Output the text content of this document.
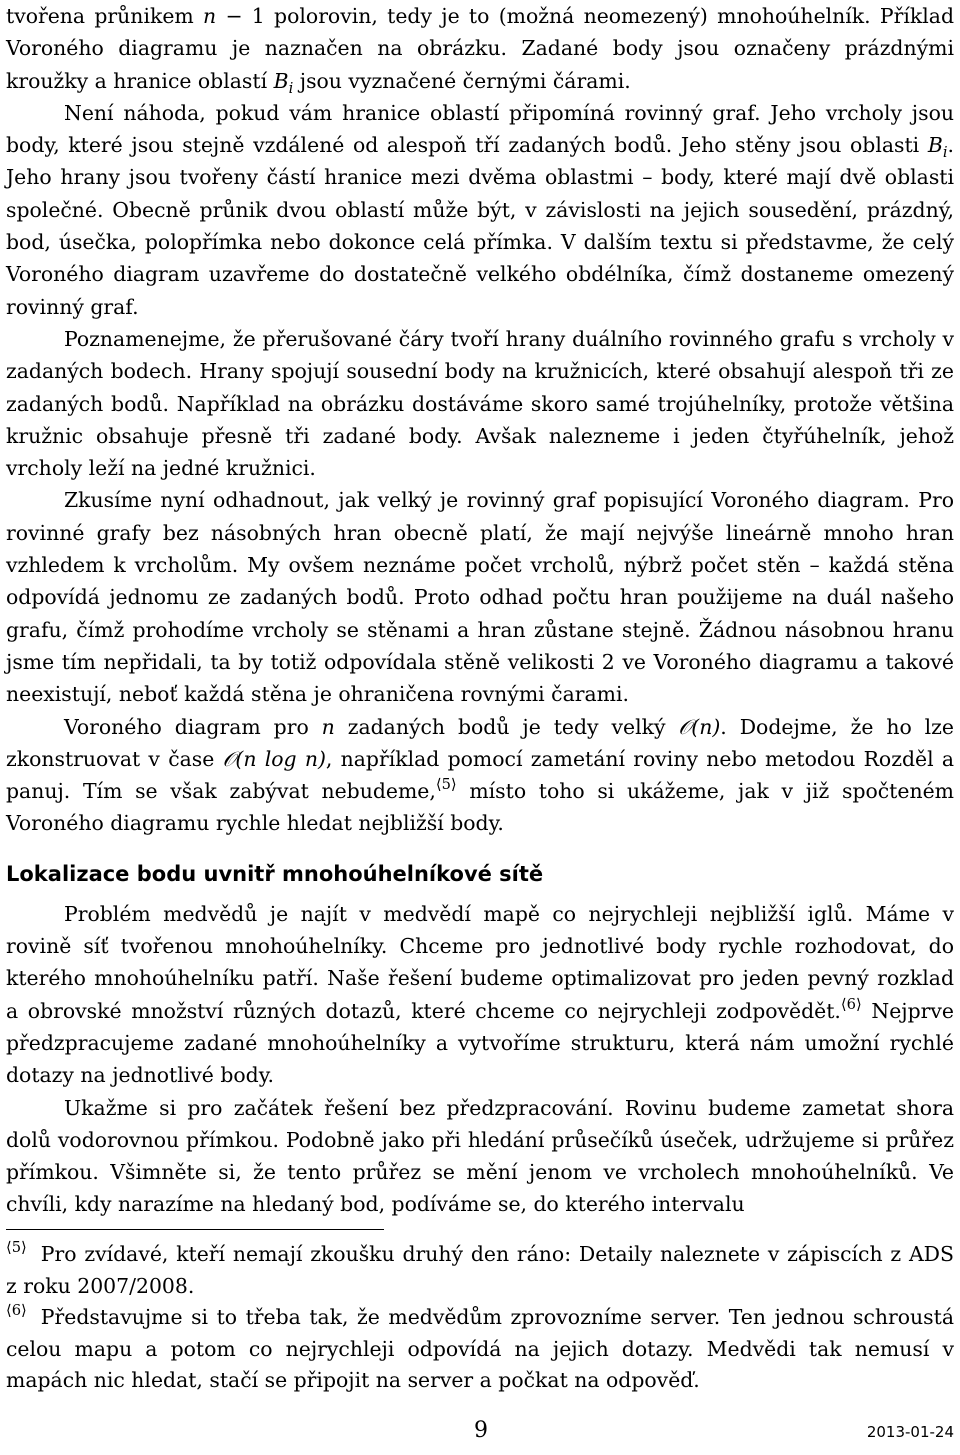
tvořena průnikem n − 1 polorovin, tedy je to (možná neomezený) mnohoúhelník. Příklad Voroného diagramu je naznačen na obrázku. Zadané body jsou označeny prázdnými kroužky a hranice oblastí $B_i$ jsou vyznačené černými čárami.

Není náhoda, pokud vám hranice oblastí připomíná rovinný graf. Jeho vrcholy jsou body, které jsou stejně vzdálené od alespoň tří zadaných bodů. Jeho stěny jsou oblasti $B_i$. Jeho hrany jsou tvořeny částí hranice mezi dvěma oblastmi – body, které mají dvě oblasti společné. Obecně průnik dvou oblastí může být, v závislosti na jejich sousedění, prázdný, bod, úsečka, polopřímka nebo dokonce celá přímka. V dalším textu si představme, že celý Voroného diagram uzavřeme do dostatečně velkého obdélníka, čímž dostaneme omezený rovinný graf.

Poznamenejme, že přerušované čáry tvoří hrany duálního rovinného grafu s vrcholy v zadaných bodech. Hrany spojují sousední body na kružnicích, které obsahují alespoň tři ze zadaných bodů. Například na obrázku dostáváme skoro samé trojúhelníky, protože většina kružnic obsahuje přesně tři zadané body. Avšak nalezneme i jeden čtyřúhelník, jehož vrcholy leží na jedné kružnici.

Zkusíme nyní odhadnout, jak velký je rovinný graf popisující Voroného diagram. Pro rovinné grafy bez násobných hran obecně platí, že mají nejvýše lineárně mnoho hran vzhledem k vrcholům. My ovšem neznáme počet vrcholů, nýbrž počet stěn – každá stěna odpovídá jednomu ze zadaných bodů. Proto odhad počtu hran použijeme na duál našeho grafu, čímž prohodíme vrcholy se stěnami a hran zůstane stejně. Žádnou násobnou hranu jsme tím nepřidali, ta by totiž odpovídala stěně velikosti 2 ve Voroného diagramu a takové neexistují, neboť každá stěna je ohraničena rovnými čarami.

Voroného diagram pro n zadaných bodů je tedy velký 𝒪(n). Dodejme, že ho lze zkonstruovat v čase 𝒪(n log n), například pomocí zametání roviny nebo metodou Rozděl a panuj. Tím se však zabývat nebudeme,$^{⟨5⟩}$ místo toho si ukážeme, jak v již spočteném Voroného diagramu rychle hledat nejbližší body.

Lokalizace bodu uvnitř mnohoúhelníkové sítě

Problém medvědů je najít v medvědí mapě co nejrychleji nejbližší iglů. Máme v rovině síť tvořenou mnohoúhelníky. Chceme pro jednotlivé body rychle rozhodovat, do kterého mnohoúhelníku patří. Naše řešení budeme optimalizovat pro jeden pevný rozklad a obrovské množství různých dotazů, které chceme co nejrychleji zodpovědět.$^{⟨6⟩}$ Nejprve předzpracujeme zadané mnohoúhelníky a vytvoříme strukturu, která nám umožní rychlé dotazy na jednotlivé body.

Ukažme si pro začátek řešení bez předzpracování. Rovinu budeme zametat shora dolů vodorovnou přímkou. Podobně jako při hledání průsečíků úseček, udržujeme si průřez přímkou. Všimněte si, že tento průřez se mění jenom ve vrcholech mnohoúhelníků. Ve chvíli, kdy narazíme na hledaný bod, podíváme se, do kterého intervalu

$^{⟨5⟩}$ Pro zvídavé, kteří nemají zkoušku druhý den ráno: Detaily naleznete v zápiscích z ADS z roku 2007/2008.

$^{⟨6⟩}$ Představujme si to třeba tak, že medvědům zprovozníme server. Ten jednou schroustá celou mapu a potom co nejrychleji odpovídá na jejich dotazy. Medvědi tak nemusí v mapách nic hledat, stačí se připojit na server a počkat na odpověď.

9	2013-01-24
